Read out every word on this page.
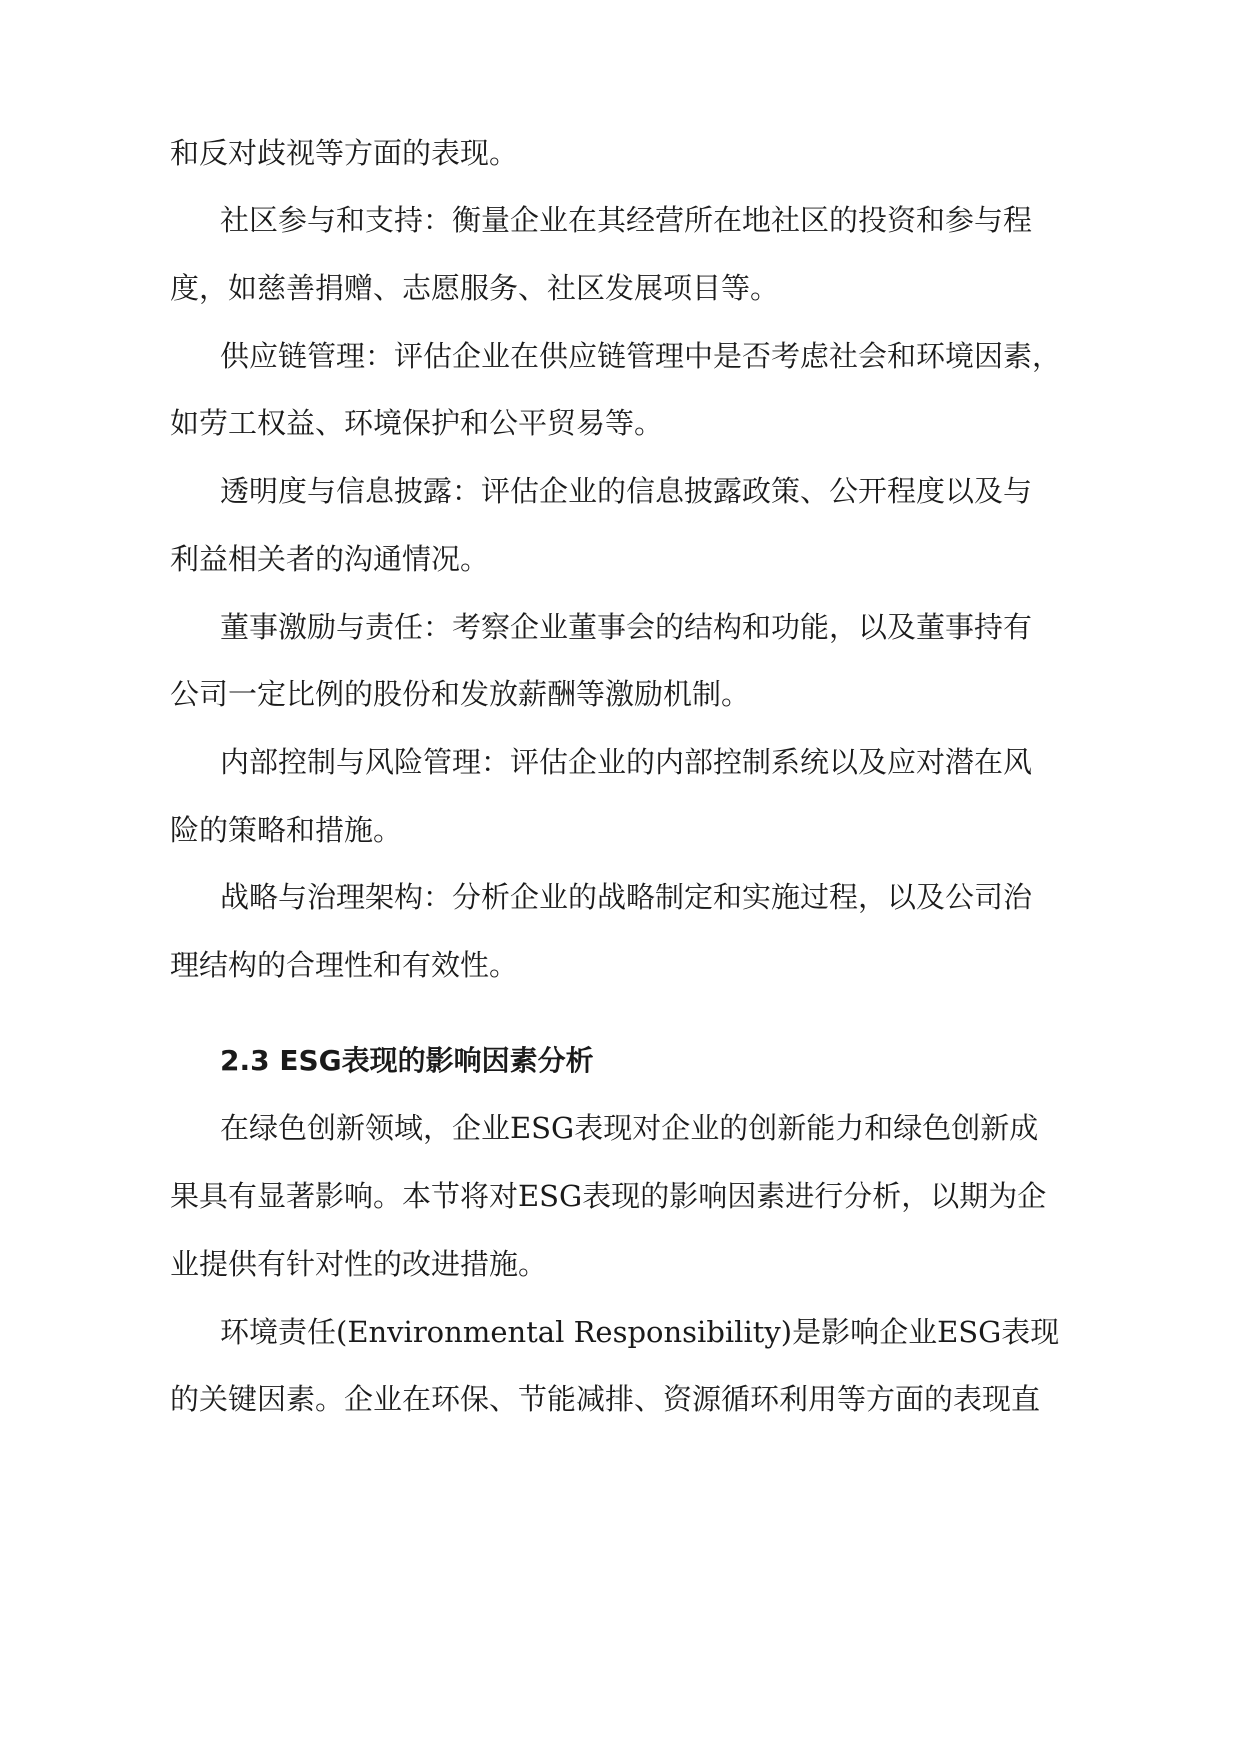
和反对歧视等方面的表现。
社区参与和支持：衡量企业在其经营所在地社区的投资和参与程
度，如慈善捐赠、志愿服务、社区发展项目等。
供应链管理：评估企业在供应链管理中是否考虑社会和环境因素，
如劳工权益、环境保护和公平贸易等。
透明度与信息披露：评估企业的信息披露政策、公开程度以及与
利益相关者的沟通情况。
董事激励与责任：考察企业董事会的结构和功能，以及董事持有
公司一定比例的股份和发放薪酬等激励机制。
内部控制与风险管理：评估企业的内部控制系统以及应对潜在风
险的策略和措施。
战略与治理架构：分析企业的战略制定和实施过程，以及公司治
理结构的合理性和有效性。
2.3 ESG表现的影响因素分析
在绿色创新领域，企业ESG表现对企业的创新能力和绿色创新成
果具有显著影响。本节将对ESG表现的影响因素进行分析，以期为企
业提供有针对性的改进措施。
环境责任(Environmental Responsibility)是影响企业ESG表现
的关键因素。企业在环保、节能减排、资源循环利用等方面的表现直
